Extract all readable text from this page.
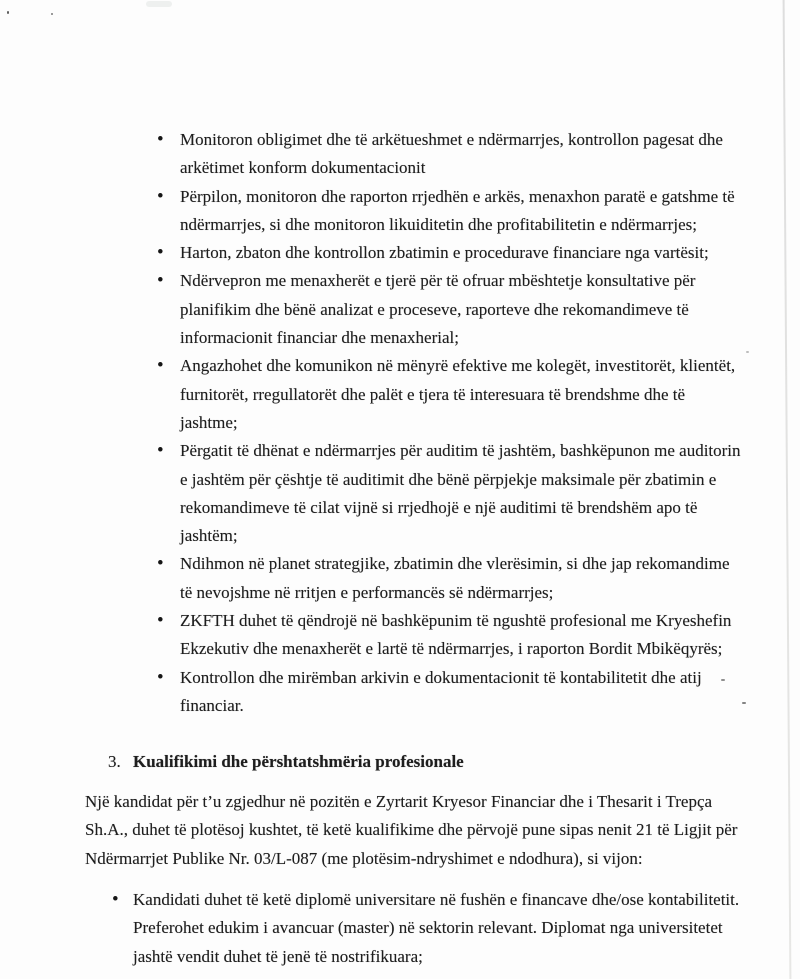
• Monitoron obligimet dhe të arkëtueshmet e ndërmarrjes, kontrollon pagesat dhe
arkëtimet konform dokumentacionit
• Përpilon, monitoron dhe raporton rrjedhën e arkës, menaxhon paratë e gatshme të
ndërmarrjes, si dhe monitoron likuiditetin dhe profitabilitetin e ndërmarrjes;
• Harton, zbaton dhe kontrollon zbatimin e procedurave financiare nga vartësit;
• Ndërvepron me menaxherët e tjerë për të ofruar mbështetje konsultative për
planifikim dhe bënë analizat e proceseve, raporteve dhe rekomandimeve të
informacionit financiar dhe menaxherial;
• Angazhohet dhe komunikon në mënyrë efektive me kolegët, investitorët, klientët,
furnitorët, rregullatorët dhe palët e tjera të interesuara të brendshme dhe të
jashtme;
• Përgatit të dhënat e ndërmarrjes për auditim të jashtëm, bashkëpunon me auditorin
e jashtëm për çështje të auditimit dhe bënë përpjekje maksimale për zbatimin e
rekomandimeve të cilat vijnë si rrjedhojë e një auditimi të brendshëm apo të
jashtëm;
• Ndihmon në planet strategjike, zbatimin dhe vlerësimin, si dhe jap rekomandime
të nevojshme në rritjen e performancës së ndërmarrjes;
• ZKFTH duhet të qëndrojë në bashkëpunim të ngushtë profesional me Kryeshefin
Ekzekutiv dhe menaxherët e lartë të ndërmarrjes, i raporton Bordit Mbikëqyrës;
• Kontrollon dhe mirëmban arkivin e dokumentacionit të kontabilitetit dhe atij
financiar.
3. Kualifikimi dhe përshtatshmëria profesionale
Një kandidat për t’u zgjedhur në pozitën e Zyrtarit Kryesor Financiar dhe i Thesarit i Trepça
Sh.A., duhet të plotësoj kushtet, të ketë kualifikime dhe përvojë pune sipas nenit 21 të Ligjit për
Ndërmarrjet Publike Nr. 03/L-087 (me plotësim-ndryshimet e ndodhura), si vijon:
• Kandidati duhet të ketë diplomë universitare në fushën e financave dhe/ose kontabilitetit.
Preferohet edukim i avancuar (master) në sektorin relevant. Diplomat nga universitetet
jashtë vendit duhet të jenë të nostrifikuara;
